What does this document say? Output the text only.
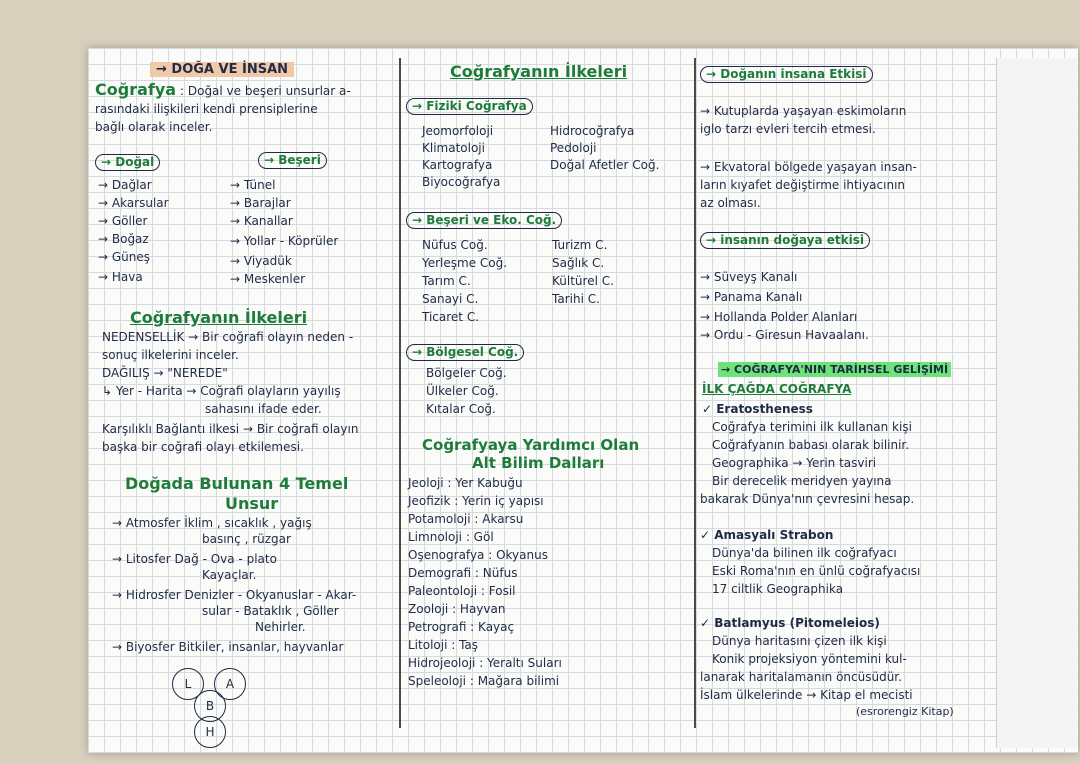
→ DOĞA VE İNSAN
Coğrafya : Doğal ve beşeri unsurlar a-
rasındaki ilişkileri kendi prensiplerine
bağlı olarak inceler.
→ Doğal	→ Beşeri
→ Dağlar
→ Akarsular
→ Göller
→ Boğaz
→ Güneş
→ Hava
→ Tünel
→ Barajlar
→ Kanallar
→ Yollar - Köprüler
→ Viyadük
→ Meskenler
Coğrafyanın İlkeleri
NEDENSELLİK → Bir coğrafi olayın neden -
sonuç ilkelerini inceler.
DAĞILIŞ → "NEREDE"
↳ Yer - Harita → Coğrafi olayların yayılış
sahasını ifade eder.
Karşılıklı Bağlantı ilkesi → Bir coğrafi olayın
başka bir coğrafi olayı etkilemesi.
Doğada Bulunan 4 Temel
Unsur
→ Atmosfer İklim , sıcaklık , yağış
basınç , rüzgar
→ Litosfer Dağ - Ova - plato
Kayaçlar.
→ Hidrosfer Denizler - Okyanuslar - Akar-
sular - Bataklık , Göller
Nehirler.
→ Biyosfer Bitkiler, insanlar, hayvanlar
L	A
B
H
Coğrafyanın İlkeleri
→ Fiziki Coğrafya
Jeomorfoloji
Klimatoloji
Kartografya
Biyocoğrafya
Hidrocoğrafya
Pedoloji
Doğal Afetler Coğ.
→ Beşeri ve Eko. Coğ.
Nüfus Coğ.
Yerleşme Coğ.
Tarım C.
Sanayi C.
Ticaret C.
Turizm C.
Sağlık C.
Kültürel C.
Tarihi C.
→ Bölgesel Coğ.
Bölgeler Coğ.
Ülkeler Coğ.
Kıtalar Coğ.
Coğrafyaya Yardımcı Olan
Alt Bilim Dalları
Jeoloji : Yer Kabuğu
Jeofizik : Yerin iç yapısı
Potamoloji : Akarsu
Limnoloji : Göl
Oşenografya : Okyanus
Demografi : Nüfus
Paleontoloji : Fosil
Zooloji : Hayvan
Petrografi : Kayaç
Litoloji : Taş
Hidrojeoloji : Yeraltı Suları
Speleoloji : Mağara bilimi
→ Doğanın insana Etkisi
→ Kutuplarda yaşayan eskimoların
iglo tarzı evleri tercih etmesi.
→ Ekvatoral bölgede yaşayan insan-
ların kıyafet değiştirme ihtiyacının
az olması.
→ insanın doğaya etkisi
→ Süveyş Kanalı
→ Panama Kanalı
→ Hollanda Polder Alanları
→ Ordu - Giresun Havaalanı.
→ COĞRAFYA'NIN TARİHSEL GELİŞİMİ
İLK ÇAĞDA COĞRAFYA
✓ Eratostheness
Coğrafya terimini ilk kullanan kişi
Coğrafyanın babası olarak bilinir.
Geographika → Yerin tasviri
Bir derecelik meridyen yayına
bakarak Dünya'nın çevresini hesap.
✓ Amasyalı Strabon
Dünya'da bilinen ilk coğrafyacı
Eski Roma'nın en ünlü coğrafyacısı
17 ciltlik Geographika
✓ Batlamyus (Pitomeleios)
Dünya haritasını çizen ilk kişi
Konik projeksiyon yöntemini kul-
lanarak haritalamanın öncüsüdür.
İslam ülkelerinde → Kitap el mecisti
(esrorengiz Kitap)
